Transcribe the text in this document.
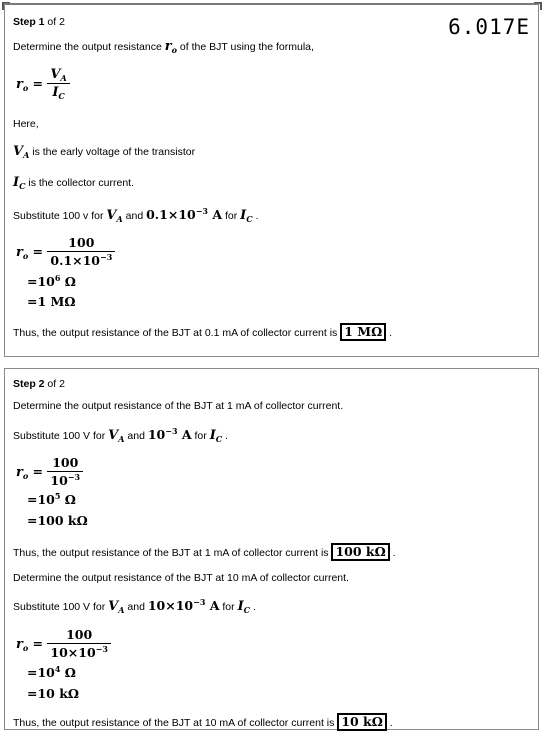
Step 1 of 2	6.017E
Determine the output resistance $r_o$ of the BJT using the formula,
$r_o = \frac{V_A}{I_C}$
Here,
$V_A$ is the early voltage of the transistor
$I_C$ is the collector current.
Substitute 100 v for $V_A$ and $0.1\times 10^{-3}$ A for $I_C$ .
$r_o = \frac{100}{0.1\times 10^{-3}}$
$=10^6$ Ω
=1 MΩ
Thus, the output resistance of the BJT at 0.1 mA of collector current is 1 MΩ .
Step 2 of 2
Determine the output resistance of the BJT at 1 mA of collector current.
Substitute 100 V for $V_A$ and $10^{-3}$ A for $I_C$ .
$r_o = \frac{100}{10^{-3}}$
$=10^5$ Ω
=100 kΩ
Thus, the output resistance of the BJT at 1 mA of collector current is 100 kΩ .
Determine the output resistance of the BJT at 10 mA of collector current.
Substitute 100 V for $V_A$ and $10\times 10^{-3}$ A for $I_C$ .
$r_o = \frac{100}{10\times 10^{-3}}$
$=10^4$ Ω
=10 kΩ
Thus, the output resistance of the BJT at 10 mA of collector current is 10 kΩ .
